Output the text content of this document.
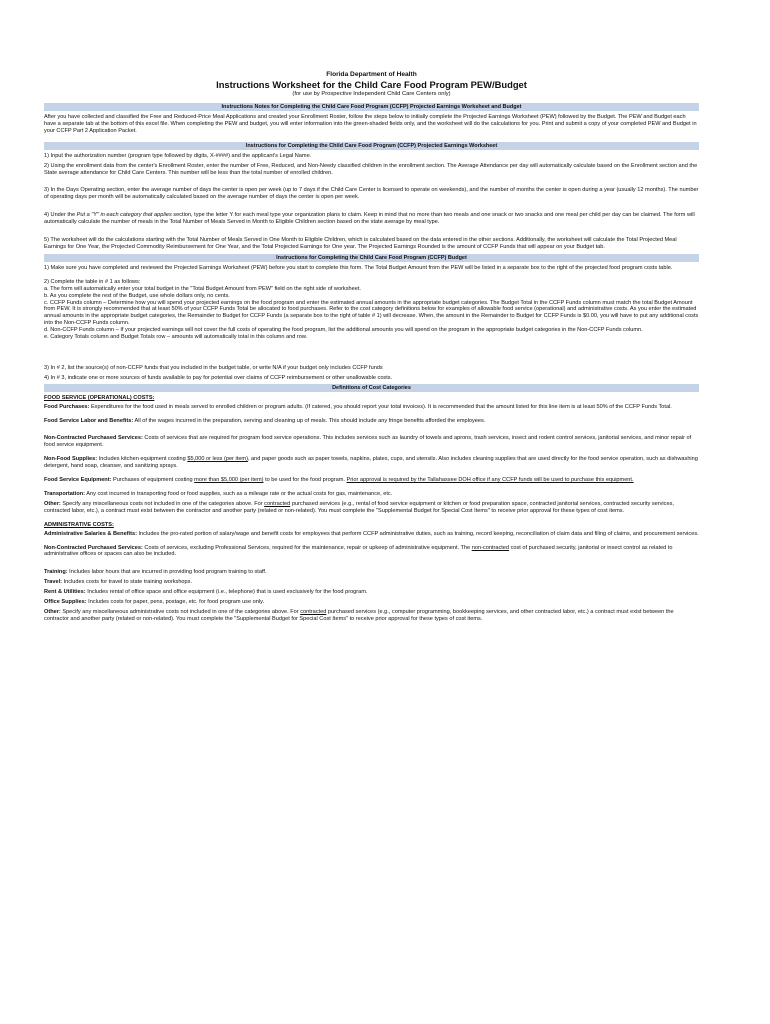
Florida Department of Health
Instructions Worksheet for the Child Care Food Program PEW/Budget
(for use by Prospective Independent Child Care Centers only)
Instructions Notes for Completing the Child Care Food Program (CCFP) Projected Earnings Worksheet and Budget

After you have collected and classified the Free and Reduced-Price Meal Applications and created your Enrollment Roster, follow the steps below to initially complete the Projected Earnings Worksheet (PEW) followed by the Budget. The PEW and Budget each have a separate tab at the bottom of this excel file. When completing the PEW and budget, you will enter information into the green-shaded fields only, and the worksheet will do the calculations for you. Print and submit a copy of your completed PEW and Budget in your CCFP Part 2 Application Packet.

Instructions for Completing the Child Care Food Program (CCFP) Projected Earnings Worksheet

1) Input the authorization number (program type followed by digits, X-####) and the applicant's Legal Name.

2) Using the enrollment data from the center's Enrollment Roster, enter the number of Free, Reduced, and Non-Needy classified children in the enrollment section. The Average Attendance per day will automatically calculate based on the Enrollment section and the State average attendance for Child Care Centers. This number will be less than the total number of enrolled children.

3) In the Days Operating section, enter the average number of days the center is open per week (up to 7 days if the Child Care Center is licensed to operate on weekends), and the number of months the center is open during a year (usually 12 months). The number of operating days per month will be automatically calculated based on the average number of days the center is open per week.

4) Under the Put a "Y" in each category that applies section, type the letter Y for each meal type your organization plans to claim. Keep in mind that no more than two meals and one snack or two snacks and one meal per child per day can be claimed. The form will automatically calculate the number of meals in the Total Number of Meals Served in Month to Eligible Children section based on the state average by meal type.

5) The worksheet will do the calculations starting with the Total Number of Meals Served in One Month to Eligible Children, which is calculated based on the data entered in the other sections. Additionally, the worksheet will calculate the Total Projected Meal Earnings for One Year, the Projected Commodity Reimbursement for One Year, and the Total Projected Earnings for One year. The Projected Earnings Rounded is the amount of CCFP Funds that will appear on your Budget tab.

Instructions for Completing the Child Care Food Program (CCFP) Budget

1) Make sure you have completed and reviewed the Projected Earnings Worksheet (PEW) before you start to complete this form. The Total Budget Amount from the PEW will be listed in a separate box to the right of the projected food program costs table.

2) Complete the table in # 1 as follows:
a. The form will automatically enter your total budget in the "Total Budget Amount from PEW" field on the right side of worksheet.
b. As you complete the rest of the Budget, use whole dollars only, no cents.
c. CCFP Funds column – Determine how you will spend your projected earnings on the food program and enter the estimated annual amounts in the appropriate budget categories. The Budget Total in the CCFP Funds column must match the total Budget Amount from PEW. It is strongly recommended that at least 50% of your CCFP Funds Total be allocated to food purchases. Refer to the cost category definitions below for examples of allowable food service (operational) and administrative costs. As you enter the estimated annual amounts in the appropriate budget categories, the Remainder to Budget for CCFP Funds (a separate box to the right of table # 1) will decrease. When, the amount in the Remainder to Budget for CCFP Funds is $0.00, you will have to put any additional costs into the Non-CCFP Funds column.
d. Non-CCFP Funds column – If your projected earnings will not cover the full costs of operating the food program, list the additional amounts you will spend on the program in the appropriate budget categories in the Non-CCFP Funds column.

e. Category Totals column and Budget Totals row – amounts will automatically total in this column and row.

3) In # 2, list the source(s) of non-CCFP funds that you included in the budget table, or write N/A if your budget only includes CCFP funds

4) In # 3, indicate one or more sources of funds available to pay for potential over claims of CCFP reimbursement or other unallowable costs.

Definitions of Cost Categories
FOOD SERVICE (OPERATIONAL) COSTS:

Food Purchases: Expenditures for the food used in meals served to enrolled children or program adults. (If catered, you should report your total invoices). It is recommended that the amount listed for this line item is at least 50% of the CCFP Funds Total.

Food Service Labor and Benefits: All of the wages incurred in the preparation, serving and cleaning up of meals. This should include any fringe benefits afforded the employees.

Non-Contracted Purchased Services: Costs of services that are required for program food service operations. This includes services such as laundry of towels and aprons, trash services, insect and rodent control services, janitorial services, and minor repair of food service equipment.

Non-Food Supplies: Includes kitchen equipment costing $5,000 or less (per item), and paper goods such as paper towels, napkins, plates, cups, and utensils. Also includes cleaning supplies that are used directly for the food service operation, such as dishwashing detergent, hand soap, cleanser, and sanitizing sprays.

Food Service Equipment: Purchases of equipment costing more than $5,000 (per item) to be used for the food program. Prior approval is required by the Tallahassee DOH office if any CCFP funds will be used to purchase this equipment.

Transportation: Any cost incurred in transporting food or food supplies, such as a mileage rate or the actual costs for gas, maintenance, etc.

Other: Specify any miscellaneous costs not included in one of the categories above. For contracted purchased services (e.g., rental of food service equipment or kitchen or food preparation space, contracted janitorial services, contracted security services, contracted labor, etc.), a contract must exist between the contractor and another party (related or non-related). You must complete the "Supplemental Budget for Special Cost Items" to receive prior approval for these types of cost items.

ADMINISTRATIVE COSTS:

Administrative Salaries & Benefits: Includes the pro-rated portion of salary/wage and benefit costs for employees that perform CCFP administrative duties, such as training, record keeping, reconciliation of claim data and filing of claims, and procurement services.

Non-Contracted Purchased Services: Costs of services, excluding Professional Services, required for the maintenance, repair or upkeep of administrative equipment. The non-contracted cost of purchased security, janitorial or insect control as related to administrative offices or spaces can also be included.

Training: Includes labor hours that are incurred in providing food program training to staff.

Travel: Includes costs for travel to state training workshops.

Rent & Utilities: Includes rental of office space and office equipment (i.e., telephone) that is used exclusively for the food program.

Office Supplies: Includes costs for paper, pens, postage, etc. for food program use only.

Other: Specify any miscellaneous administrative costs not included in one of the categories above. For contracted purchased services (e.g., computer programming, bookkeeping services, and other contracted labor, etc.) a contract must exist between the contractor and another party (related or non-related). You must complete the "Supplemental Budget for Special Cost Items" to receive prior approval for these types of cost items.
